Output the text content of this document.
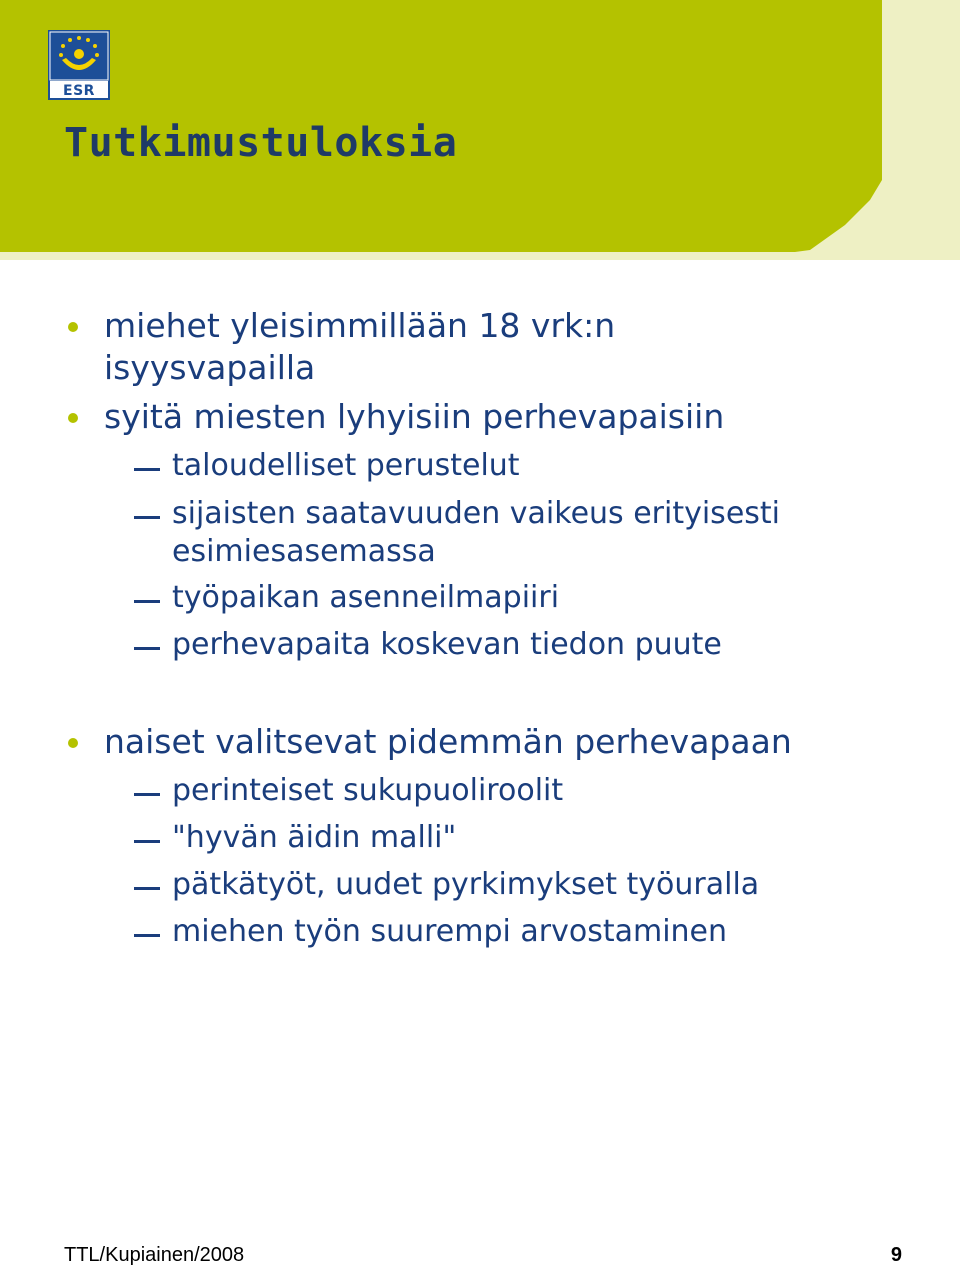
ESR
Tutkimustuloksia
miehet yleisimmillään 18 vrk:n
isyysvapailla
syitä miesten lyhyisiin perhevapaisiin
taloudelliset perustelut
sijaisten saatavuuden vaikeus erityisesti
esimiesasemassa
työpaikan asenneilmapiiri
perhevapaita koskevan tiedon puute
naiset valitsevat pidemmän perhevapaan
perinteiset sukupuoliroolit
"hyvän äidin malli"
pätkätyöt, uudet pyrkimykset työuralla
miehen työn suurempi arvostaminen
TTL/Kupiainen/2008	9
